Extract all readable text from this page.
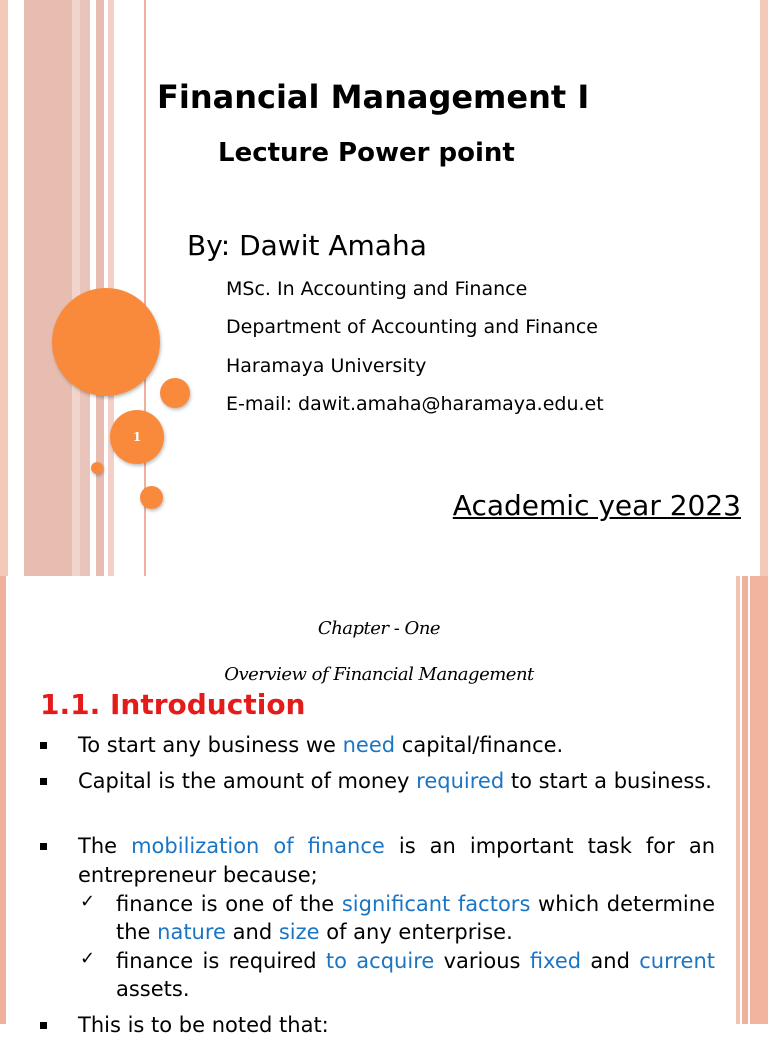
1
Financial Management I
Lecture Power point
By: Dawit Amaha
MSc. In Accounting and Finance
Department of Accounting and Finance
Haramaya University
E-mail: dawit.amaha@haramaya.edu.et
Academic year 2023
Chapter - One
Overview of Financial Management
1.1. Introduction
To start any business we need capital/finance.
Capital is the amount of money required to start a business.
The mobilization of finance is an important task for an entrepreneur because;
✓ finance is one of the significant factors which determine the nature and size of any enterprise.
✓ finance is required to acquire various fixed and current assets.
This is to be noted that:
